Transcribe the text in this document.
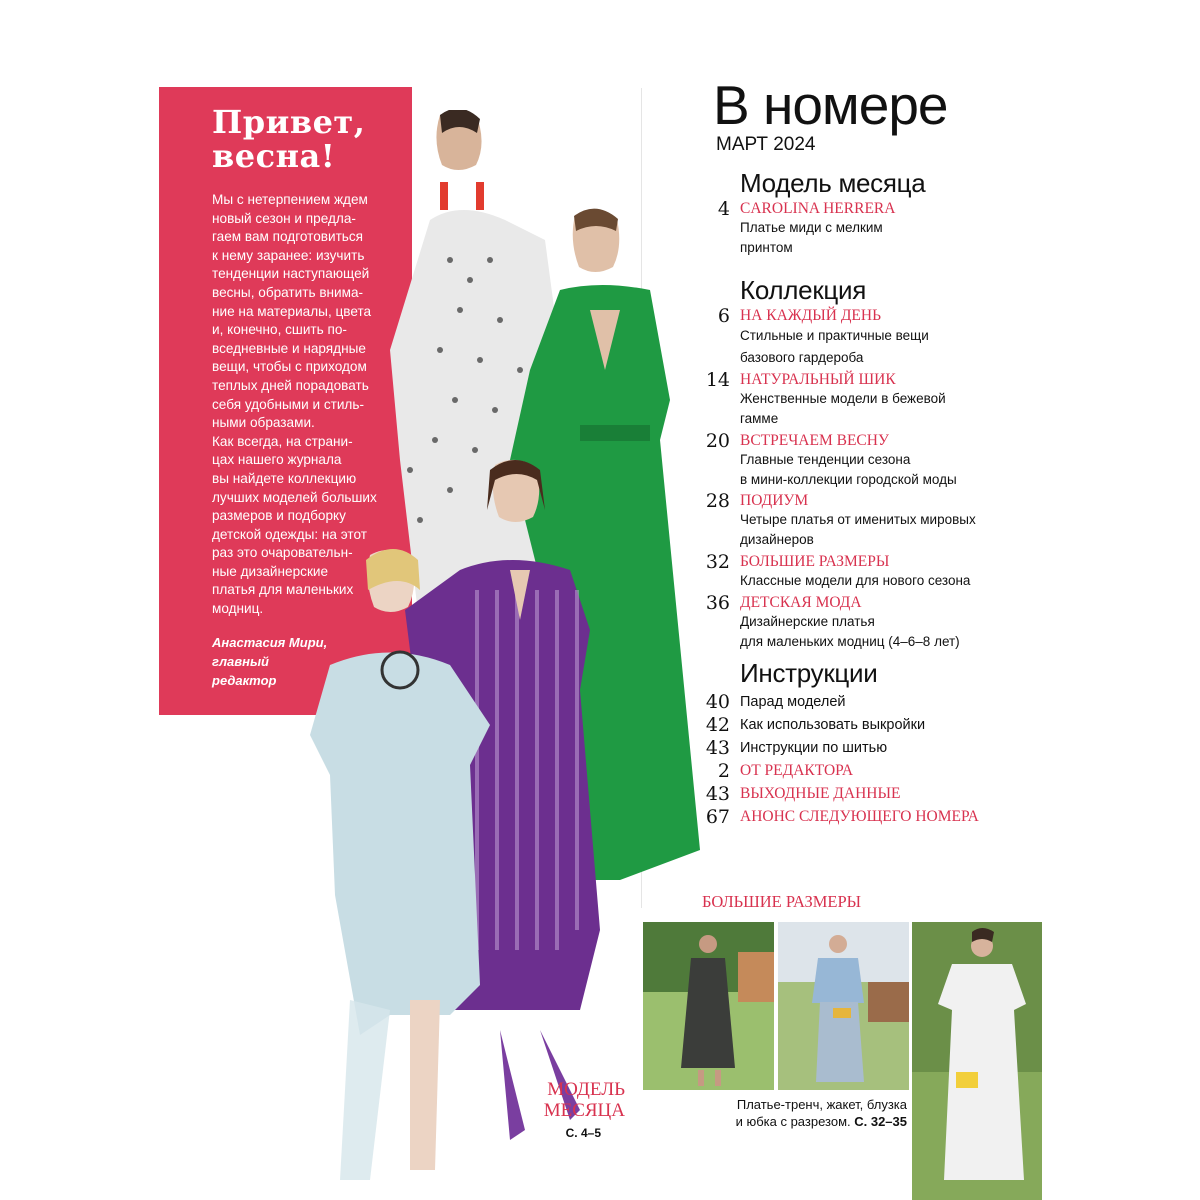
Привет,
весна!
Мы с нетерпением ждем
новый сезон и предла-
гаем вам подготовиться
к нему заранее: изучить
тенденции наступающей
весны, обратить внима-
ние на материалы, цвета
и, конечно, сшить по-
вседневные и нарядные
вещи, чтобы с приходом
теплых дней порадовать
себя удобными и стиль-
ными образами.
Как всегда, на страни-
цах нашего журнала
вы найдете коллекцию
лучших моделей больших
размеров и подборку
детской одежды: на этот
раз это очаровательн-
ные дизайнерские
платья для маленьких
модниц.
Анастасия Мири,
главный
редактор
В номере
МАРТ 2024
Модель месяца
Коллекция
Инструкции
4 CAROLINA HERRERA
Платье миди с мелким
принтом
6 НА КАЖДЫЙ ДЕНЬ
Стильные и практичные вещи
базового гардероба
14 НАТУРАЛЬНЫЙ ШИК
Женственные модели в бежевой
гамме
20 ВСТРЕЧАЕМ ВЕСНУ
Главные тенденции сезона
в мини-коллекции городской моды
28 ПОДИУМ
Четыре платья от именитых мировых
дизайнеров
32 БОЛЬШИЕ РАЗМЕРЫ
Классные модели для нового сезона
36 ДЕТСКАЯ МОДА
Дизайнерские платья
для маленьких модниц (4–6–8 лет)
40 Парад моделей
42 Как использовать выкройки
43 Инструкции по шитью
2 ОТ РЕДАКТОРА
43 ВЫХОДНЫЕ ДАННЫЕ
67 АНОНС СЛЕДУЮЩЕГО НОМЕРА
БОЛЬШИЕ РАЗМЕРЫ
Платье-тренч, жакет, блузка
и юбка с разрезом. С. 32–35
МОДЕЛЬ
МЕСЯЦА
С. 4–5
